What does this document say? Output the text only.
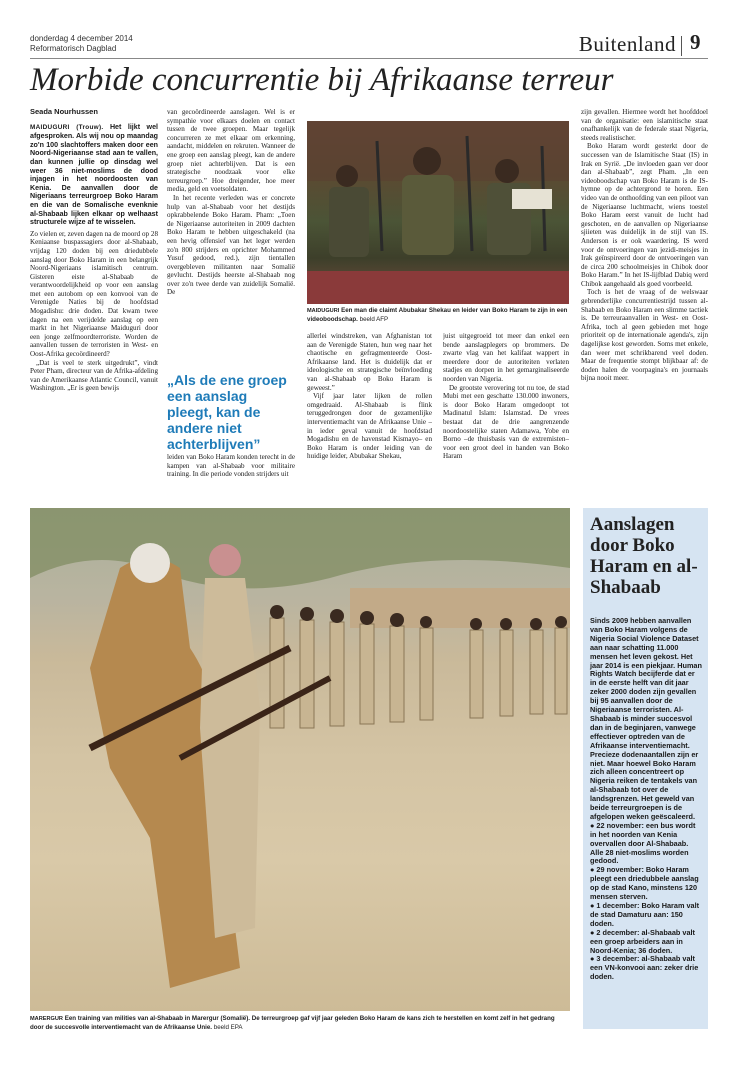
donderdag 4 december 2014
Reformatorisch Dagblad	Buitenland 9
Morbide concurrentie bij Afrikaanse terreur
Seada Nourhussen
MAIDUGURI (Trouw). Het lijkt wel afgesproken. Als wij nou op maandag zo'n 100 slachtoffers maken door een Noord-Nigeriaanse stad aan te vallen, dan kunnen jullie op dinsdag wel weer 36 niet-moslims de dood injagen in het noordoosten van Kenia. De aanvallen door de Nigeriaans terreurgroep Boko Haram en die van de Somalische evenknie al-Shabaab lijken elkaar op welhaast structurele wijze af te wisselen.

Zo vielen er, zeven dagen na de moord op 28 Keniaanse buspassagiers door al-Shabaab, vrijdag 120 doden bij een driedubbele aanslag door Boko Haram in een belangrijk Noord-Nigeriaans islamitisch centrum. Gisteren eiste al-Shabaab de verantwoordelijkheid op voor een aanslag met een autobom op een konvooi van de Verenigde Naties bij de hoofdstad Mogadishu: drie doden. Dat kwam twee dagen na een verijdelde aanslag op een markt in het Nigeriaanse Maiduguri door een jonge zelfmoordterroriste. Worden de aanvallen tussen de terroristen in West- en Oost-Afrika gecoördineerd?

„Dat is veel te sterk uitgedrukt”, vindt Peter Pham, directeur van de Afrika-afdeling van de Amerikaanse Atlantic Council, vanuit Washington. „Er is geen bewijs

van gecoördineerde aanslagen. Wel is er sympathie voor elkaars doelen en contact tussen de twee groepen. Maar tegelijk concurreren ze met elkaar om erkenning, aandacht, middelen en rekruten. Wanneer de ene groep een aanslag pleegt, kan de andere groep niet achterblijven. Dat is een strategische noodzaak voor elke terreurgroep.” Hoe dreigender, hoe meer media, geld en voetsoldaten.

In het recente verleden was er concrete hulp van al-Shabaab voor het destijds opkrabbelende Boko Haram. Pham: „Toen de Nigeriaanse autoriteiten in 2009 dachten Boko Haram te hebben uitgeschakeld (na een hevig offensief van het leger werden zo'n 800 strijders en oprichter Mohammed Yusuf gedood, red.), zijn tientallen overgebleven militanten naar Somalië gevlucht. Destijds heerste al-Shabaab nog over zo'n twee derde van zuidelijk Somalië. De

„Als de ene groep een aanslag pleegt, kan de andere niet achterblijven”

leiden van Boko Haram konden terecht in de kampen van al-Shabaab voor militaire training. In die periode vonden strijders uit

MAIDUGURI Een man die claimt Abubakar Shekau en leider van Boko Haram te zijn in een videoboodschap. beeld AFP

allerlei windstreken, van Afghanistan tot aan de Verenigde Staten, hun weg naar het chaotische en gefragmenteerde Oost-Afrikaanse land. Het is duidelijk dat er ideologische en strategische beïnvloeding van al-Shabaab op Boko Haram is geweest.”

Vijf jaar later lijken de rollen omgedraaid. Al-Shabaab is flink teruggedrongen door de gezamenlijke interventiemacht van de Afrikaanse Unie –in ieder geval vanuit de hoofdstad Mogadishu en de havenstad Kismayo– en Boko Haram is onder leiding van de huidige leider, Abubakar Shekau,

juist uitgegroeid tot meer dan enkel een bende aanslagplegers op brommers. De zwarte vlag van het kalifaat wappert in meerdere door de autoriteiten verlaten stadjes en dorpen in het gemarginaliseerde noorden van Nigeria.

De grootste verovering tot nu toe, de stad Mubi met een geschatte 130.000 inwoners, is door Boko Haram omgedoopt tot Madinatul Islam: Islamstad. De vrees bestaat dat de drie aangrenzende noordoostelijke staten Adamawa, Yobe en Borno –de thuisbasis van de extremisten– voor een groot deel in handen van Boko Haram

zijn gevallen. Hiermee wordt het hoofddoel van de organisatie: een islamitische staat onafhankelijk van de federale staat Nigeria, steeds realistischer.

Boko Haram wordt gesterkt door de successen van de Islamitische Staat (IS) in Irak en Syrië. „De invloeden gaan ver door dan al-Shabaab”, zegt Pham. „In een videoboodschap van Boko Haram is de IS-hymne op de achtergrond te horen. Een video van de onthoofding van een piloot van de Nigeriaanse luchtmacht, wiens toestel Boko Haram eerst vanuit de lucht had geschoten, en de aanvallen op Nigeriaanse sjiieten was duidelijk in de stijl van IS. Anderson is er ook waardering. IS werd voor de ontvoeringen van jezidi-meisjes in Irak geïnspireerd door de ontvoeringen van de circa 200 schoolmeisjes in Chibok door Boko Haram.” In het IS-lijfblad Dabiq werd Chibok aangehaald als goed voorbeeld.

Toch is het de vraag of de welswaar gebrenderlijke concurrentiestrijd tussen al-Shabaab en Boko Haram een slimme tactiek is. De terreuraanvallen in West- en Oost-Afrika, toch al geen gebieden met hoge prioriteit op de internationale agenda's, zijn dagelijkse kost geworden. Soms met enkele, dan weer met schrikbarend veel doden. Maar de frequentie stompt blijkbaar af: de doden halen de voorpagina's en journaals bijna nooit meer.

MARERGUR Een training van milities van al-Shabaab in Marergur (Somalië). De terreurgroep gaf vijf jaar geleden Boko Haram de kans zich te herstellen en komt zelf in het gedrang door de succesvolle interventiemacht van de Afrikaanse Unie. beeld EPA
Aanslagen door Boko Haram en al-Shabaab

Sinds 2009 hebben aanvallen van Boko Haram volgens de Nigeria Social Violence Dataset aan naar schatting 11.000 mensen het leven gekost. Het jaar 2014 is een piekjaar. Human Rights Watch becijferde dat er in de eerste helft van dit jaar zeker 2000 doden zijn gevallen bij 95 aanvallen door de Nigeriaanse terroristen. Al-Shabaab is minder succesvol dan in de beginjaren, vanwege effectiever optreden van de Afrikaanse interventiemacht. Precieze dodenaantallen zijn er niet. Maar hoewel Boko Haram zich alleen concentreert op Nigeria reiken de tentakels van al-Shabaab tot over de landsgrenzen. Het geweld van beide terreurgroepen is de afgelopen weken geëscaleerd.

● 22 november: een bus wordt in het noorden van Kenia overvallen door Al-Shabaab. Alle 28 niet-moslims worden gedood.

● 29 november: Boko Haram pleegt een driedubbele aanslag op de stad Kano, minstens 120 mensen sterven.

● 1 december: Boko Haram valt de stad Damaturu aan: 150 doden.

● 2 december: al-Shabaab valt een groep arbeiders aan in Noord-Kenia; 36 doden.

● 3 december: al-Shabaab valt een VN-konvooi aan: zeker drie doden.
